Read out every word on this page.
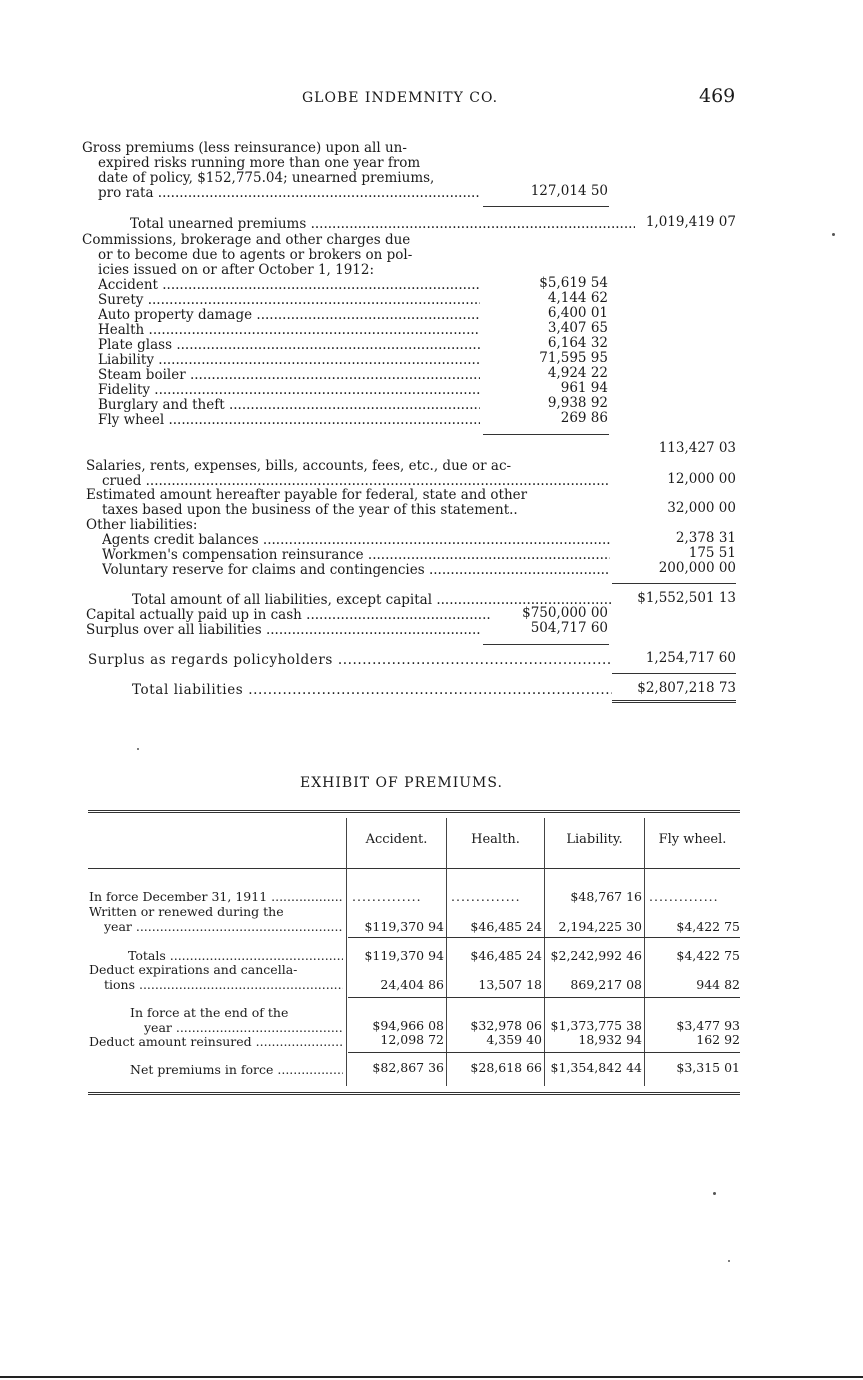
GLOBE INDEMNITY CO.	469
Gross premiums (less reinsurance) upon all un-
expired risks running more than one year from
date of policy, $152,775.04; unearned premiums,
pro rata .....	127,014 50
Total unearned premiums .....	1,019,419 07
Commissions, brokerage and other charges due
or to become due to agents or brokers on pol-
icies issued on or after October 1, 1912:
Accident .....	$5,619 54
Surety .....	4,144 62
Auto property damage .....	6,400 01
Health .....	3,407 65
Plate glass .....	6,164 32
Liability .....	71,595 95
Steam boiler .....	4,924 22
Fidelity .....	961 94
Burglary and theft .....	9,938 92
Fly wheel .....	269 86
113,427 03
Salaries, rents, expenses, bills, accounts, fees, etc., due or ac-
crued .....	12,000 00
Estimated amount hereafter payable for federal, state and other
taxes based upon the business of the year of this statement..	32,000 00
Other liabilities:
Agents credit balances .....	2,378 31
Workmen's compensation reinsurance .....	175 51
Voluntary reserve for claims and contingencies .....	200,000 00
Total amount of all liabilities, except capital .....	$1,552,501 13
Capital actually paid up in cash .....	$750,000 00
Surplus over all liabilities .....	504,717 60
Surplus as regards policyholders .....	1,254,717 60
Total liabilities .....	$2,807,218 73
EXHIBIT OF PREMIUMS.
Accident.	Health.	Liability.	Fly wheel.
In force December 31, 1911 .....	..............	..............	$48,767 16 ..............
Written or renewed during the
year .....	$119,370 94	$46,485 24	2,194,225 30	$4,422 75
Totals .....	$119,370 94	$46,485 24 $2,242,992 46	$4,422 75
Deduct expirations and cancella-
tions .....	24,404 86	13,507 18	869,217 08	944 82
In force at the end of the
year .....	$94,966 08	$32,978 06 $1,373,775 38	$3,477 93
Deduct amount reinsured .....	12,098 72	4,359 40	18,932 94	162 92
Net premiums in force .....	$82,867 36	$28,618 66 $1,354,842 44	$3,315 01
